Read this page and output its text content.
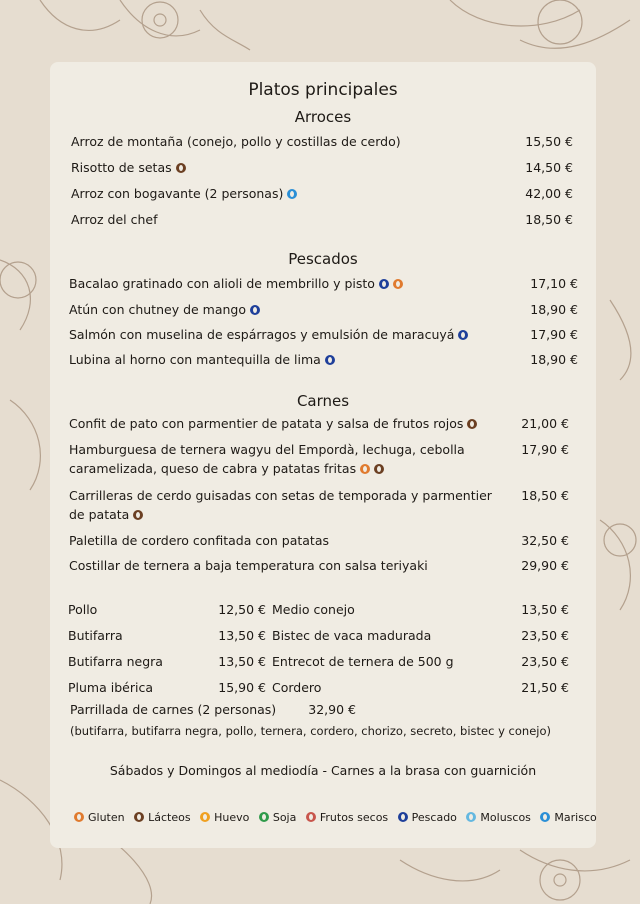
Platos principales
Arroces
Arroz de montaña (conejo, pollo y costillas de cerdo)	15,50 €
Risotto de setas	14,50 €
Arroz con bogavante (2 personas)	42,00 €
Arroz del chef	18,50 €
Pescados
Bacalao gratinado con alioli de membrillo y pisto	17,10 €
Atún con chutney de mango	18,90 €
Salmón con muselina de espárragos y emulsión de maracuyá	17,90 €
Lubina al horno con mantequilla de lima	18,90 €
Carnes
Confit de pato con parmentier de patata y salsa de frutos rojos	21,00 €
Hamburguesa de ternera wagyu del Empordà, lechuga, cebolla
caramelizada, queso de cabra y patatas fritas
17,90 €
Carrilleras de cerdo guisadas con setas de temporada y parmentier
de patata
18,50 €
Paletilla de cordero confitada con patatas	32,50 €
Costillar de ternera a baja temperatura con salsa teriyaki	29,90 €
Pollo	12,50 € Medio conejo	13,50 €
Butifarra	13,50 € Bistec de vaca madurada	23,50 €
Butifarra negra	13,50 € Entrecot de ternera de 500 g	23,50 €
Pluma ibérica	15,90 € Cordero	21,50 €
Parrillada de carnes (2 personas)	32,90 €
(butifarra, butifarra negra, pollo, ternera, cordero, chorizo, secreto, bistec y conejo)
Sábados y Domingos al mediodía - Carnes a la brasa con guarnición
Gluten Lácteos Huevo Soja Frutos secos Pescado Moluscos Marisco
